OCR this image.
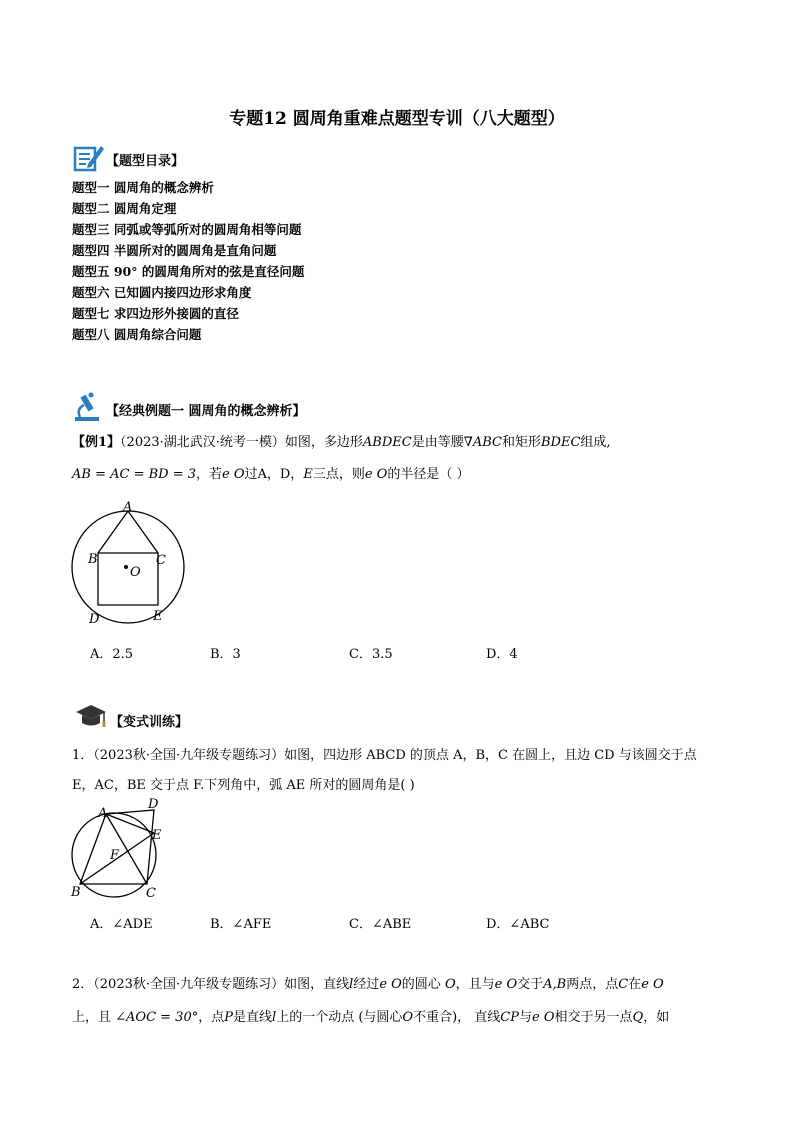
专题12 圆周角重难点题型专训（八大题型）
【题型目录】
题型一 圆周角的概念辨析
题型二 圆周角定理
题型三 同弧或等弧所对的圆周角相等问题
题型四 半圆所对的圆周角是直角问题
题型五 90° 的圆周角所对的弦是直径问题
题型六 已知圆内接四边形求角度
题型七 求四边形外接圆的直径
题型八 圆周角综合问题
【经典例题一 圆周角的概念辨析】
【例1】（2023·湖北武汉·统考一模）如图，多边形ABDEC是由等腰∇ABC和矩形BDEC组成,
AB = AC = BD = 3，若e O过A，D，E三点，则e O的半径是（ ）
A
B	C
O
D	E
A．2.5	B．3	C．3.5	D．4
【变式训练】
1．（2023秋·全国·九年级专题练习）如图，四边形 ABCD 的顶点 A，B，C 在圆上，且边 CD 与该圆交于点
E，AC，BE 交于点 F.下列角中，弧 AE 所对的圆周角是( )
A
D
E
F
B	C
A．∠ADE	B．∠AFE	C．∠ABE	D．∠ABC
2．（2023秋·全国·九年级专题练习）如图，直线l经过e O的圆心 O，且与e O交于A,B两点，点C在e O
上，且 ∠AOC = 30°，点P是直线l上的一个动点 (与圆心O不重合)， 直线CP与e O相交于另一点Q，如
